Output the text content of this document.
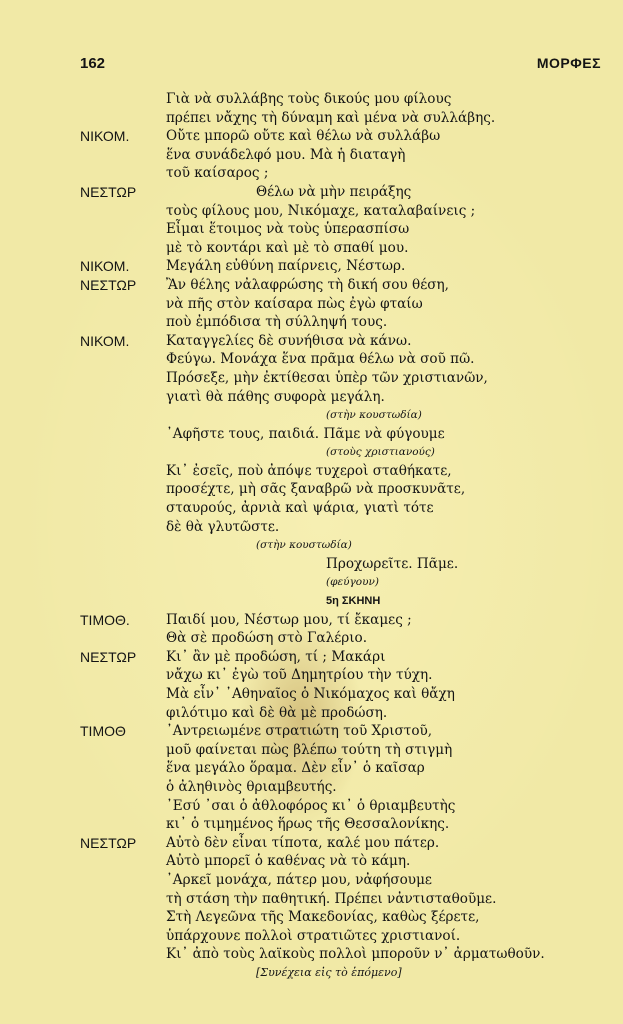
162	ΜΟΡΦΕΣ
Γιὰ νὰ συλλάβης τοὺς δικούς μου φίλους
πρέπει νἄχης τὴ δύναμη καὶ μένα νὰ συλλάβης.
ΝΙΚΟΜ.	Οὔτε μπορῶ οὔτε καὶ θέλω νὰ συλλάβω
ἕνα συνάδελφό μου. Μὰ ἡ διαταγὴ
τοῦ καίσαρος ;
ΝΕΣΤΩΡ	Θέλω νὰ μὴν πειράξης
τοὺς φίλους μου, Νικόμαχε, καταλαβαίνεις ;
Εἶμαι ἕτοιμος νὰ τοὺς ὑπερασπίσω
μὲ τὸ κοντάρι καὶ μὲ τὸ σπαθί μου.
ΝΙΚΟΜ.	Μεγάλη εὐθύνη παίρνεις, Νέστωρ.
ΝΕΣΤΩΡ	Ἂν θέλης νἀλαφρώσης τὴ δική σου θέση,
νὰ πῆς στὸν καίσαρα πὼς ἐγὼ φταίω
ποὺ ἐμπόδισα τὴ σύλληψή τους.
ΝΙΚΟΜ.	Καταγγελίες δὲ συνήθισα νὰ κάνω.
Φεύγω. Μονάχα ἕνα πρᾶμα θέλω νὰ σοῦ πῶ.
Πρόσεξε, μὴν ἐκτίθεσαι ὑπὲρ τῶν χριστιανῶν,
γιατὶ θὰ πάθης συφορὰ μεγάλη.
(στὴν κουστωδία)
᾿Αφῆστε τους, παιδιά. Πᾶμε νὰ φύγουμε
(στοὺς χριστιανούς)
Κι᾿ ἐσεῖς, ποὺ ἀπόψε τυχεροὶ σταθήκατε,
προσέχτε, μὴ σᾶς ξαναβρῶ νὰ προσκυνᾶτε,
σταυρούς, ἀρνιὰ καὶ ψάρια, γιατὶ τότε
δὲ θὰ γλυτῶστε.
(στὴν κουστωδία)
Προχωρεῖτε. Πᾶμε.
(φεύγουν)
5η ΣΚΗΝΗ
ΤΙΜΟΘ.	Παιδί μου, Νέστωρ μου, τί ἔκαμες ;
Θὰ σὲ προδώση στὸ Γαλέριο.
ΝΕΣΤΩΡ	Κι᾿ ἂν μὲ προδώση, τί ; Μακάρι
νἄχω κι᾿ ἐγὼ τοῦ Δημητρίου τὴν τύχη.
Μὰ εἶν᾿ ᾿Αθηναῖος ὁ Νικόμαχος καὶ θἄχη
φιλότιμο καὶ δὲ θὰ μὲ προδώση.
ΤΙΜΟΘ	᾿Αντρειωμένε στρατιώτη τοῦ Χριστοῦ,
μοῦ φαίνεται πὼς βλέπω τούτη τὴ στιγμὴ
ἕνα μεγάλο ὅραμα. Δὲν εἶν᾿ ὁ καῖσαρ
ὁ ἀληθινὸς θριαμβευτής.
᾿Εσύ ᾿σαι ὁ ἀθλοφόρος κι᾿ ὁ θριαμβευτὴς
κι᾿ ὁ τιμημένος ἥρως τῆς Θεσσαλονίκης.
ΝΕΣΤΩΡ	Αὐτὸ δὲν εἶναι τίποτα, καλέ μου πάτερ.
Αὐτὸ μπορεῖ ὁ καθένας νὰ τὸ κάμη.
᾿Αρκεῖ μονάχα, πάτερ μου, νἀφήσουμε
τὴ στάση τὴν παθητική. Πρέπει νἀντισταθοῦμε.
Στὴ Λεγεῶνα τῆς Μακεδονίας, καθὼς ξέρετε,
ὑπάρχουνε πολλοὶ στρατιῶτες χριστιανοί.
Κι᾿ ἀπὸ τοὺς λαϊκοὺς πολλοὶ μποροῦν ν᾿ ἀρματωθοῦν.
[Συνέχεια εἰς τὸ ἑπόμενο]
